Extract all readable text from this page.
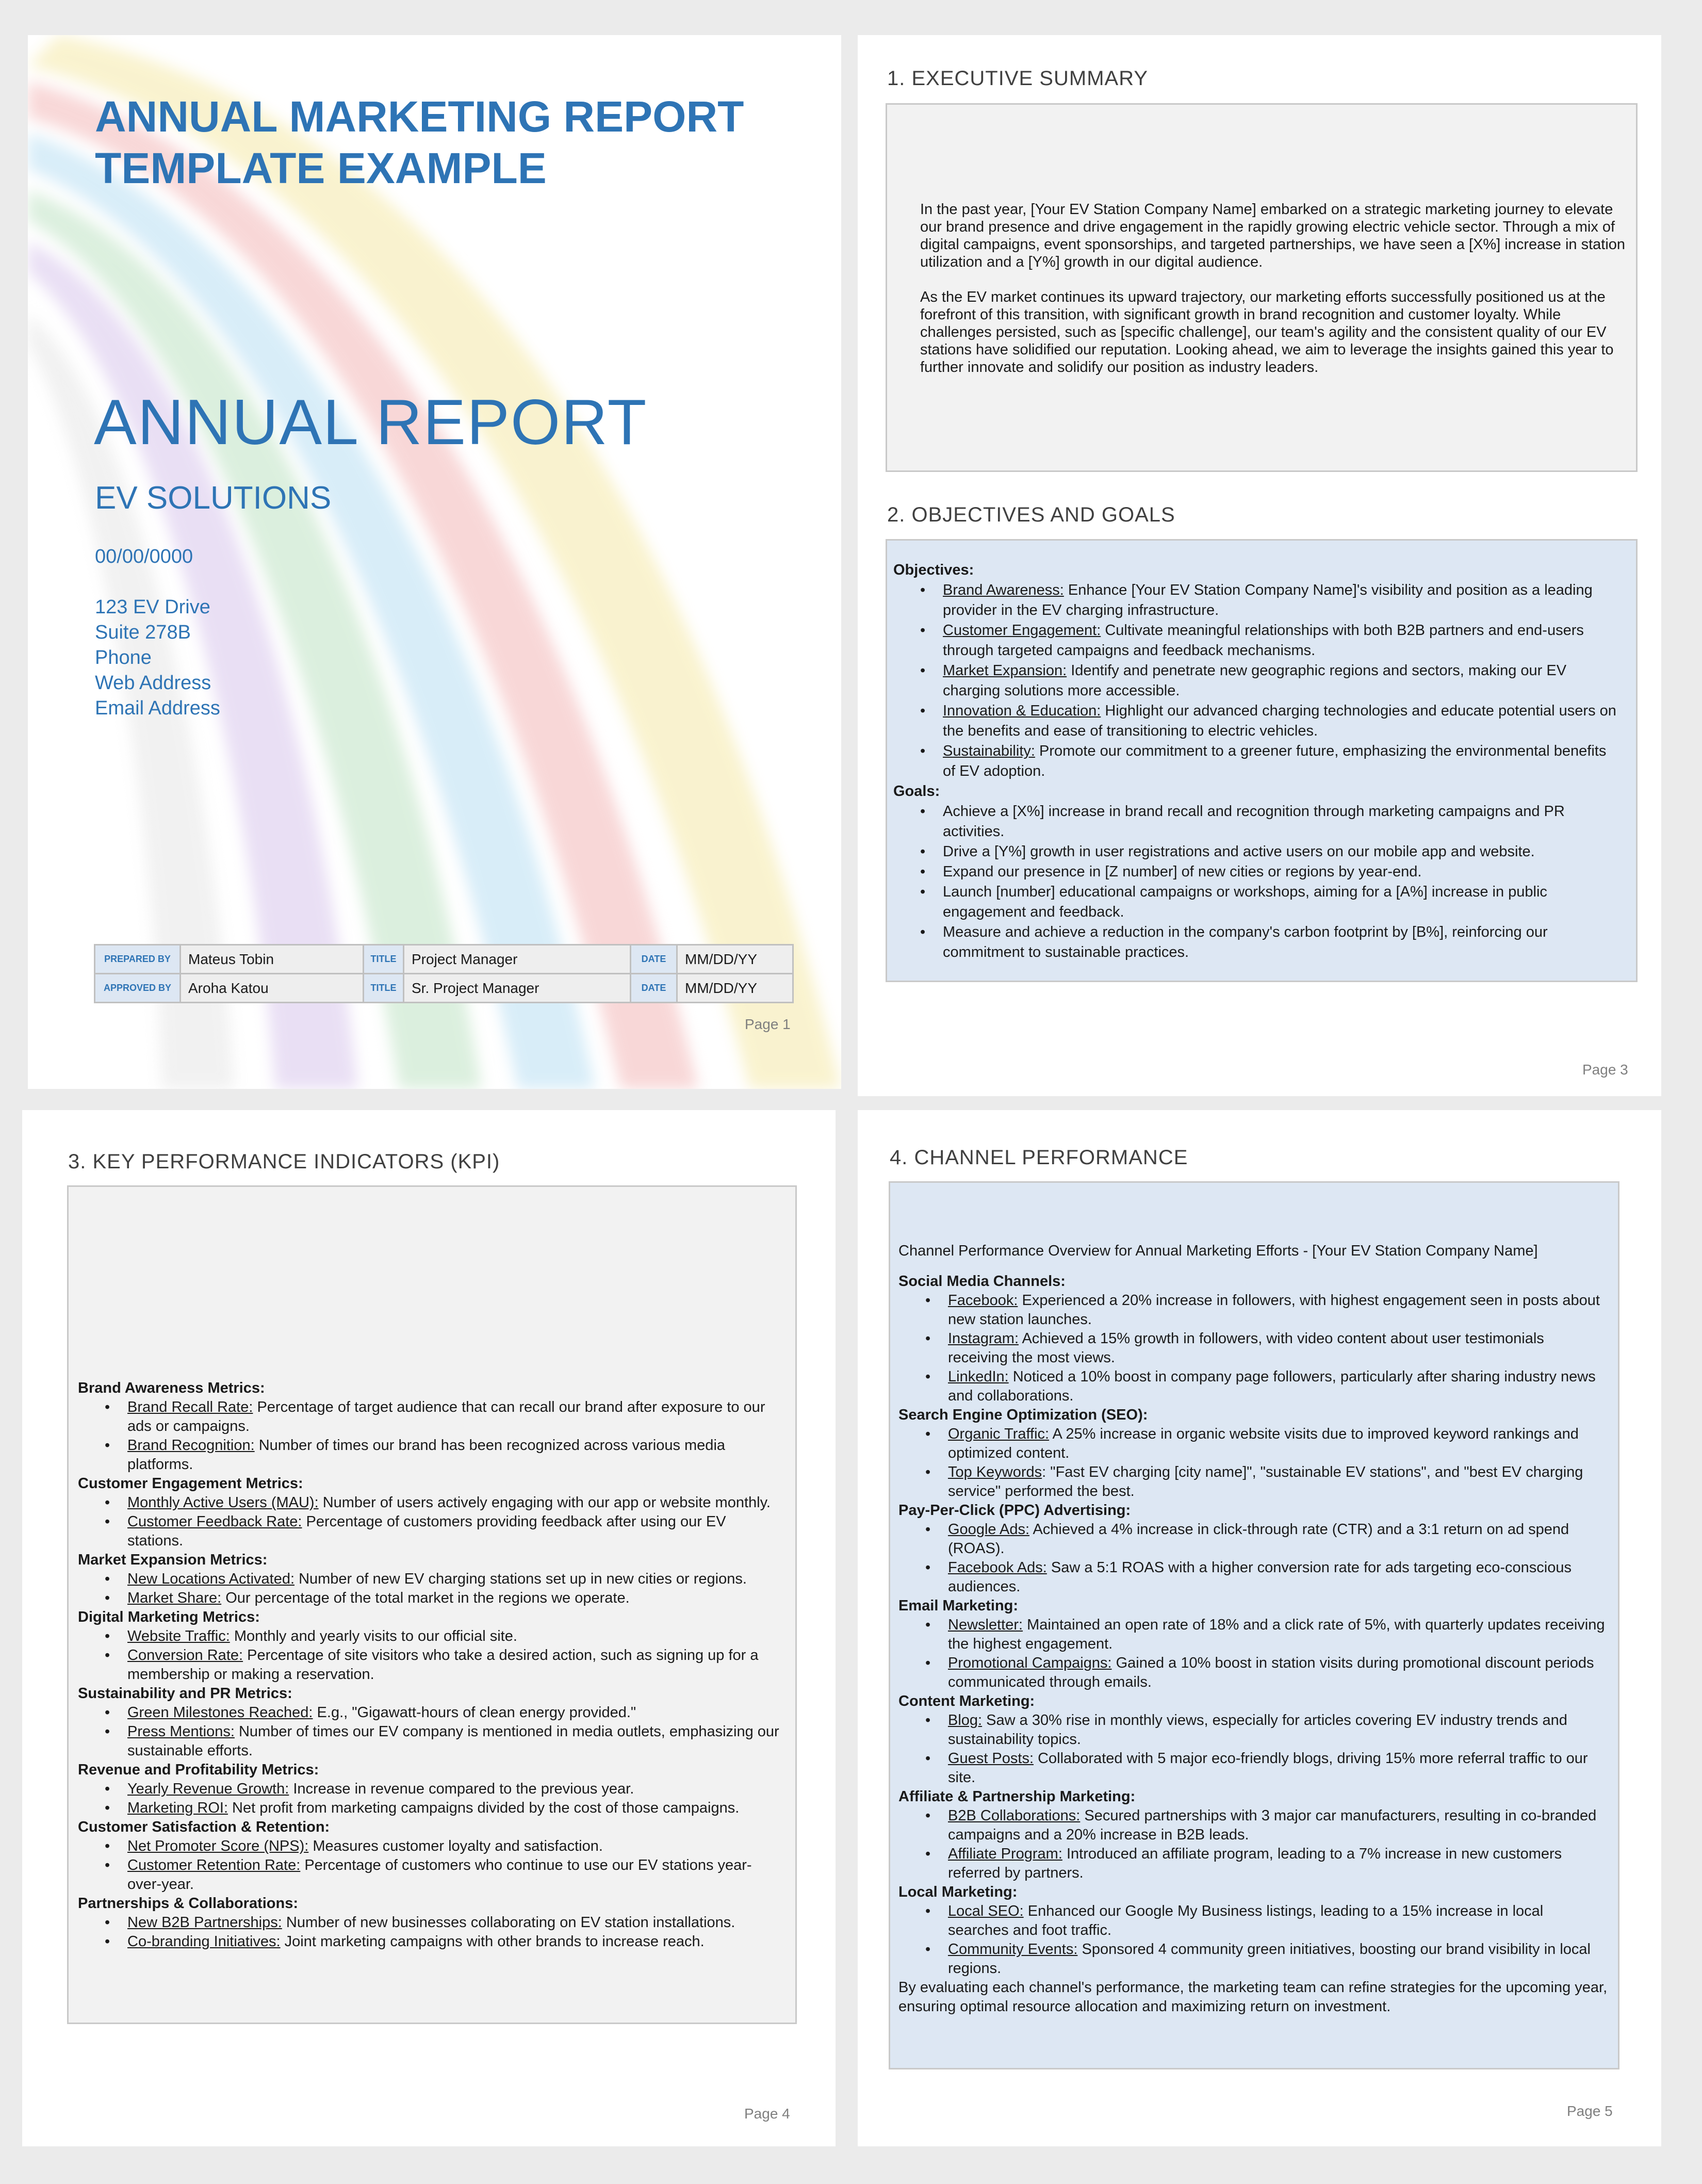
ANNUAL MARKETING REPORT TEMPLATE EXAMPLE
ANNUAL REPORT
EV SOLUTIONS
00/00/0000
123 EV Drive
Suite 278B
Phone
Web Address
Email Address
PREPARED BY	Mateus Tobin	TITLE	Project Manager	DATE	MM/DD/YY
APPROVED BY	Aroha Katou	TITLE	Sr. Project Manager	DATE	MM/DD/YY
Page 1
1. EXECUTIVE SUMMARY

In the past year, [Your EV Station Company Name] embarked on a strategic marketing journey to elevate our brand presence and drive engagement in the rapidly growing electric vehicle sector. Through a mix of digital campaigns, event sponsorships, and targeted partnerships, we have seen a [X%] increase in station utilization and a [Y%] growth in our digital audience.

As the EV market continues its upward trajectory, our marketing efforts successfully positioned us at the forefront of this transition, with significant growth in brand recognition and customer loyalty. While challenges persisted, such as [specific challenge], our team's agility and the consistent quality of our EV stations have solidified our reputation. Looking ahead, we aim to leverage the insights gained this year to further innovate and solidify our position as industry leaders.

2. OBJECTIVES AND GOALS
Objectives:
• Brand Awareness: Enhance [Your EV Station Company Name]'s visibility and position as a leading provider in the EV charging infrastructure.
• Customer Engagement: Cultivate meaningful relationships with both B2B partners and end-users through targeted campaigns and feedback mechanisms.
• Market Expansion: Identify and penetrate new geographic regions and sectors, making our EV charging solutions more accessible.
• Innovation & Education: Highlight our advanced charging technologies and educate potential users on the benefits and ease of transitioning to electric vehicles.
• Sustainability: Promote our commitment to a greener future, emphasizing the environmental benefits of EV adoption.
Goals:
• Achieve a [X%] increase in brand recall and recognition through marketing campaigns and PR activities.
• Drive a [Y%] growth in user registrations and active users on our mobile app and website.
• Expand our presence in [Z number] of new cities or regions by year-end.
• Launch [number] educational campaigns or workshops, aiming for a [A%] increase in public engagement and feedback.
• Measure and achieve a reduction in the company's carbon footprint by [B%], reinforcing our commitment to sustainable practices.
Page 3
3. KEY PERFORMANCE INDICATORS (KPI)
Brand Awareness Metrics:
• Brand Recall Rate: Percentage of target audience that can recall our brand after exposure to our ads or campaigns.
• Brand Recognition: Number of times our brand has been recognized across various media platforms.
Customer Engagement Metrics:
• Monthly Active Users (MAU): Number of users actively engaging with our app or website monthly.
• Customer Feedback Rate: Percentage of customers providing feedback after using our EV stations.
Market Expansion Metrics:
• New Locations Activated: Number of new EV charging stations set up in new cities or regions.
• Market Share: Our percentage of the total market in the regions we operate.
Digital Marketing Metrics:
• Website Traffic: Monthly and yearly visits to our official site.
• Conversion Rate: Percentage of site visitors who take a desired action, such as signing up for a membership or making a reservation.
Sustainability and PR Metrics:
• Green Milestones Reached: E.g., "Gigawatt-hours of clean energy provided."
• Press Mentions: Number of times our EV company is mentioned in media outlets, emphasizing our sustainable efforts.
Revenue and Profitability Metrics:
• Yearly Revenue Growth: Increase in revenue compared to the previous year.
• Marketing ROI: Net profit from marketing campaigns divided by the cost of those campaigns.
Customer Satisfaction & Retention:
• Net Promoter Score (NPS): Measures customer loyalty and satisfaction.
• Customer Retention Rate: Percentage of customers who continue to use our EV stations year-over-year.
Partnerships & Collaborations:
• New B2B Partnerships: Number of new businesses collaborating on EV station installations.
• Co-branding Initiatives: Joint marketing campaigns with other brands to increase reach.
Page 4
4. CHANNEL PERFORMANCE

Channel Performance Overview for Annual Marketing Efforts - [Your EV Station Company Name]

Social Media Channels:
• Facebook: Experienced a 20% increase in followers, with highest engagement seen in posts about new station launches.
• Instagram: Achieved a 15% growth in followers, with video content about user testimonials receiving the most views.
• LinkedIn: Noticed a 10% boost in company page followers, particularly after sharing industry news and collaborations.
Search Engine Optimization (SEO):
• Organic Traffic: A 25% increase in organic website visits due to improved keyword rankings and optimized content.
• Top Keywords: "Fast EV charging [city name]", "sustainable EV stations", and "best EV charging service" performed the best.
Pay-Per-Click (PPC) Advertising:
• Google Ads: Achieved a 4% increase in click-through rate (CTR) and a 3:1 return on ad spend (ROAS).
• Facebook Ads: Saw a 5:1 ROAS with a higher conversion rate for ads targeting eco-conscious audiences.
Email Marketing:
• Newsletter: Maintained an open rate of 18% and a click rate of 5%, with quarterly updates receiving the highest engagement.
• Promotional Campaigns: Gained a 10% boost in station visits during promotional discount periods communicated through emails.
Content Marketing:
• Blog: Saw a 30% rise in monthly views, especially for articles covering EV industry trends and sustainability topics.
• Guest Posts: Collaborated with 5 major eco-friendly blogs, driving 15% more referral traffic to our site.
Affiliate & Partnership Marketing:
• B2B Collaborations: Secured partnerships with 3 major car manufacturers, resulting in co-branded campaigns and a 20% increase in B2B leads.
• Affiliate Program: Introduced an affiliate program, leading to a 7% increase in new customers referred by partners.
Local Marketing:
• Local SEO: Enhanced our Google My Business listings, leading to a 15% increase in local searches and foot traffic.
• Community Events: Sponsored 4 community green initiatives, boosting our brand visibility in local regions.

By evaluating each channel's performance, the marketing team can refine strategies for the upcoming year, ensuring optimal resource allocation and maximizing return on investment.

Page 5
